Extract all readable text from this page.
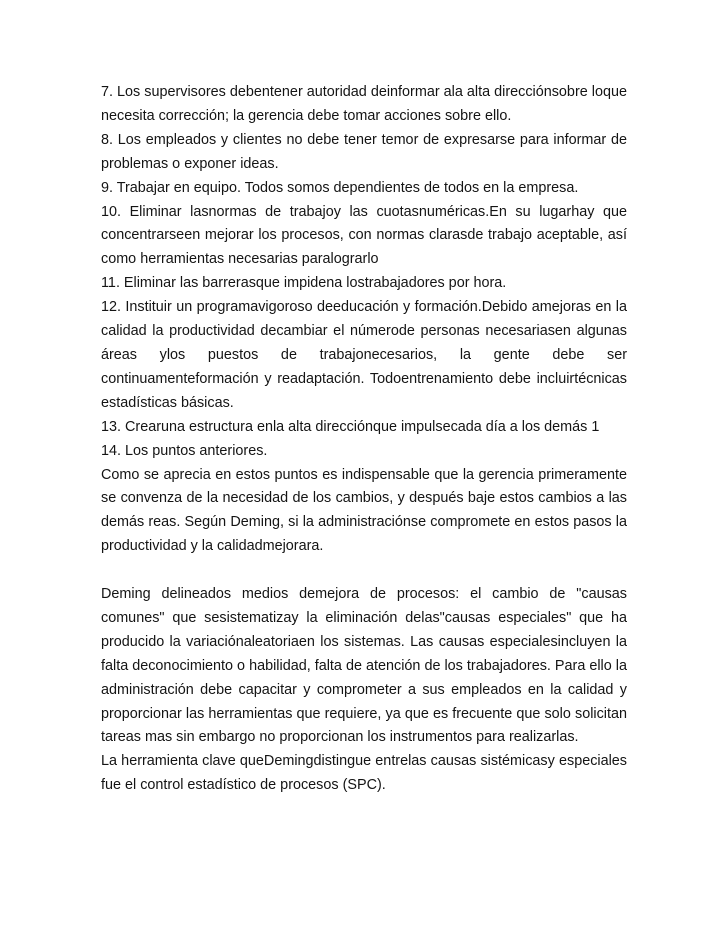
7. Los supervisores debentener autoridad deinformar ala alta direcciónsobre loque
necesita corrección; la gerencia debe tomar acciones sobre ello.
8. Los empleados y clientes no debe tener temor de expresarse para informar de
problemas o exponer ideas.
9. Trabajar en equipo. Todos somos dependientes de todos en la empresa.
10. Eliminar lasnormas de trabajoy las cuotasnuméricas.En su lugarhay que
concentrarseen mejorar los procesos, con normas clarasde trabajo aceptable, así
como herramientas necesarias paralograrlo
11. Eliminar las barrerasque impidena lostrabajadores por hora.
12. Instituir un programavigoroso deeducación y formación.Debido amejoras en la
calidad la productividad decambiar el númerode personas necesariasen algunas
áreas ylos puestos de trabajonecesarios, la gente debe ser
continuamenteformación y readaptación. Todoentrenamiento debe incluirtécnicas
estadísticas básicas.
13. Crearuna estructura enla alta direcciónque impulsecada día a los demás 1
14. Los puntos anteriores.
Como se aprecia en estos puntos es indispensable que la gerencia primeramente
se convenza de la necesidad de los cambios, y después baje estos cambios a las
demás reas. Según Deming, si la administraciónse compromete en estos pasos la
productividad y la calidadmejorara.

Deming delineados medios demejora de procesos: el cambio de "causas
comunes" que sesistematizay la eliminación delas"causas especiales" que ha
producido la variaciónaleatoriaen los sistemas. Las causas especialesincluyen la
falta deconocimiento o habilidad, falta de atención de los trabajadores. Para ello la
administración debe capacitar y comprometer a sus empleados en la calidad y
proporcionar las herramientas que requiere, ya que es frecuente que solo solicitan
tareas mas sin embargo no proporcionan los instrumentos para realizarlas.
La herramienta clave queDemingdistingue entrelas causas sistémicasy especiales
fue el control estadístico de procesos (SPC).
